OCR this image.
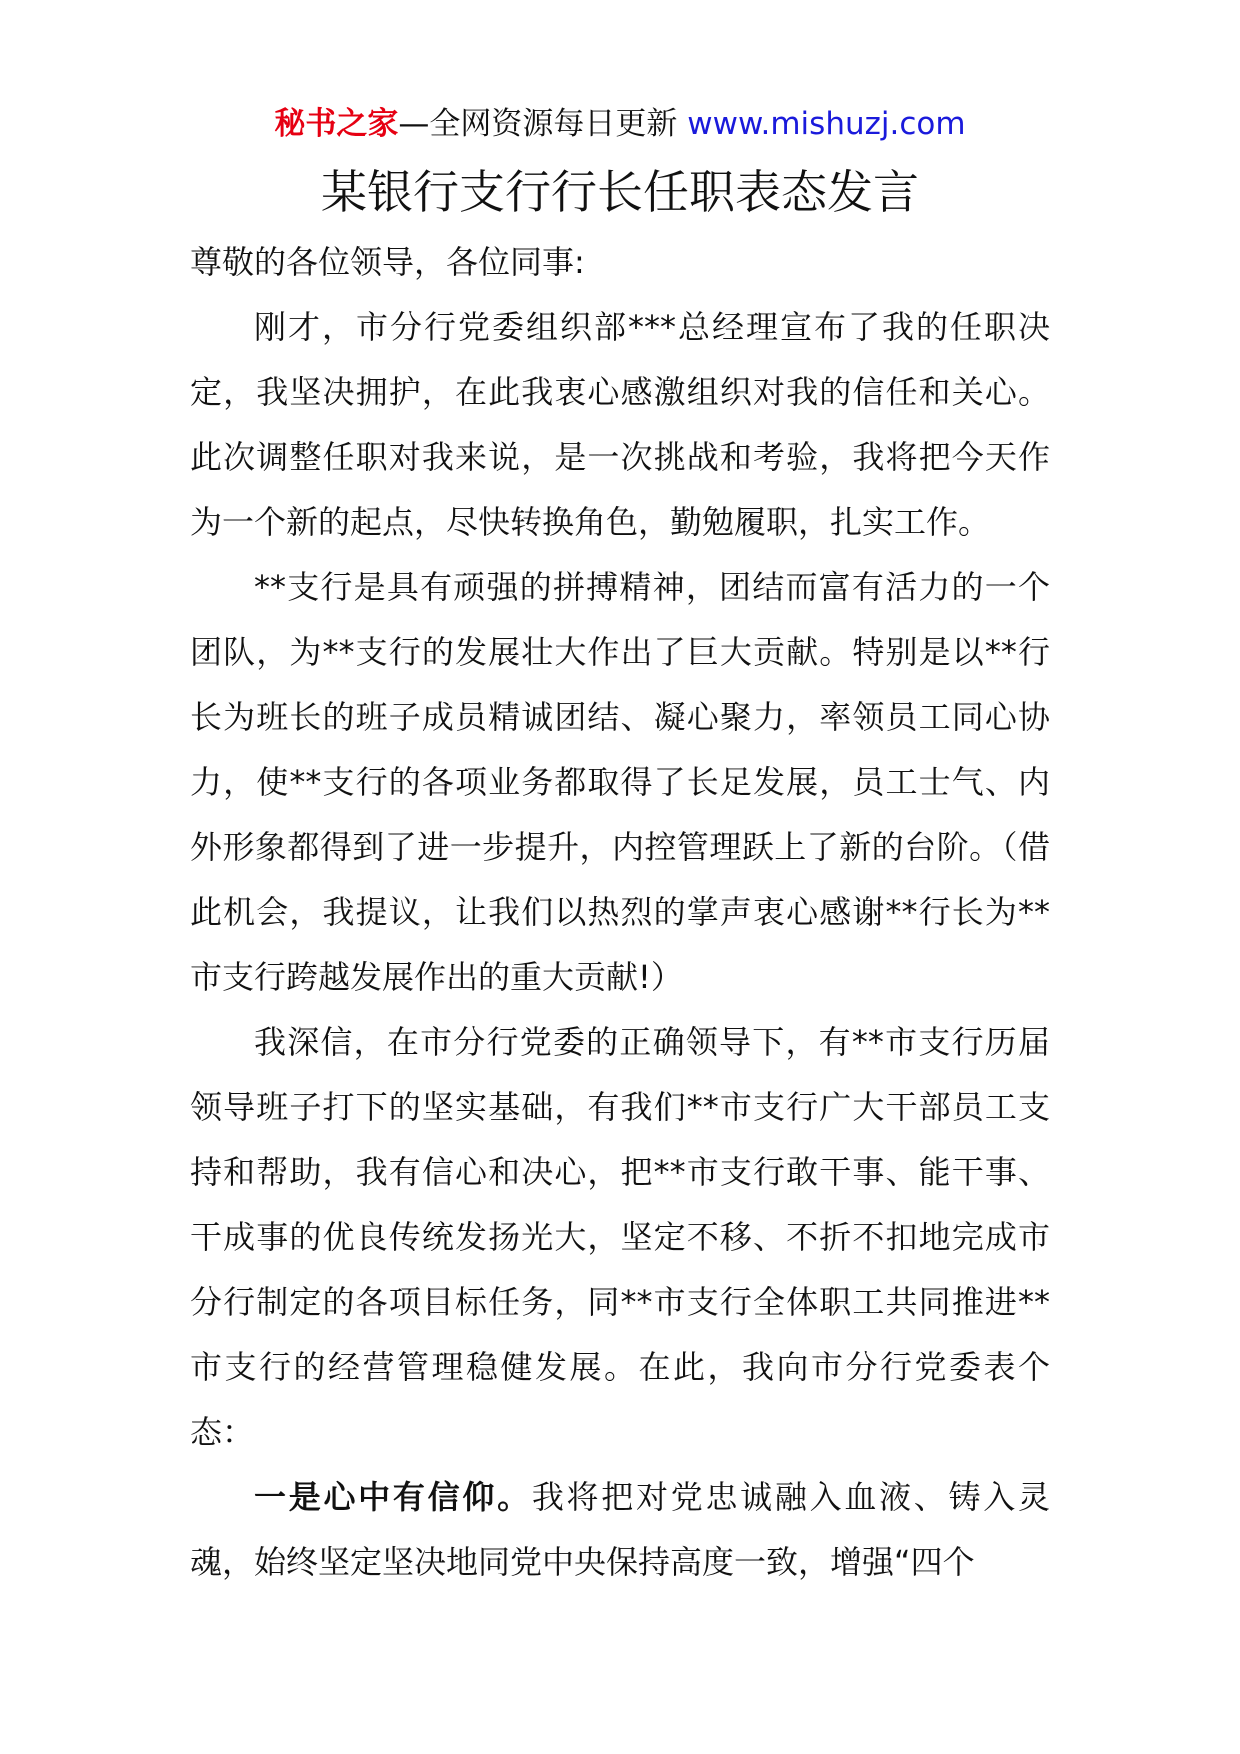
秘书之家—全网资源每日更新 www.mishuzj.com
某银行支行行长任职表态发言

尊敬的各位领导，各位同事:

刚才，市分行党委组织部***总经理宣布了我的任职决定，我坚决拥护，在此我衷心感激组织对我的信任和关心。此次调整任职对我来说，是一次挑战和考验，我将把今天作为一个新的起点，尽快转换角色，勤勉履职，扎实工作。

**支行是具有顽强的拼搏精神，团结而富有活力的一个团队，为**支行的发展壮大作出了巨大贡献。特别是以**行长为班长的班子成员精诚团结、凝心聚力，率领员工同心协力，使**支行的各项业务都取得了长足发展，员工士气、内外形象都得到了进一步提升，内控管理跃上了新的台阶。（借此机会，我提议，让我们以热烈的掌声衷心感谢**行长为**市支行跨越发展作出的重大贡献!）

我深信，在市分行党委的正确领导下，有**市支行历届领导班子打下的坚实基础，有我们**市支行广大干部员工支持和帮助，我有信心和决心，把**市支行敢干事、能干事、干成事的优良传统发扬光大，坚定不移、不折不扣地完成市分行制定的各项目标任务，同**市支行全体职工共同推进**市支行的经营管理稳健发展。在此，我向市分行党委表个态：

一是心中有信仰。我将把对党忠诚融入血液、铸入灵魂，始终坚定坚决地同党中央保持高度一致，增强“四个
